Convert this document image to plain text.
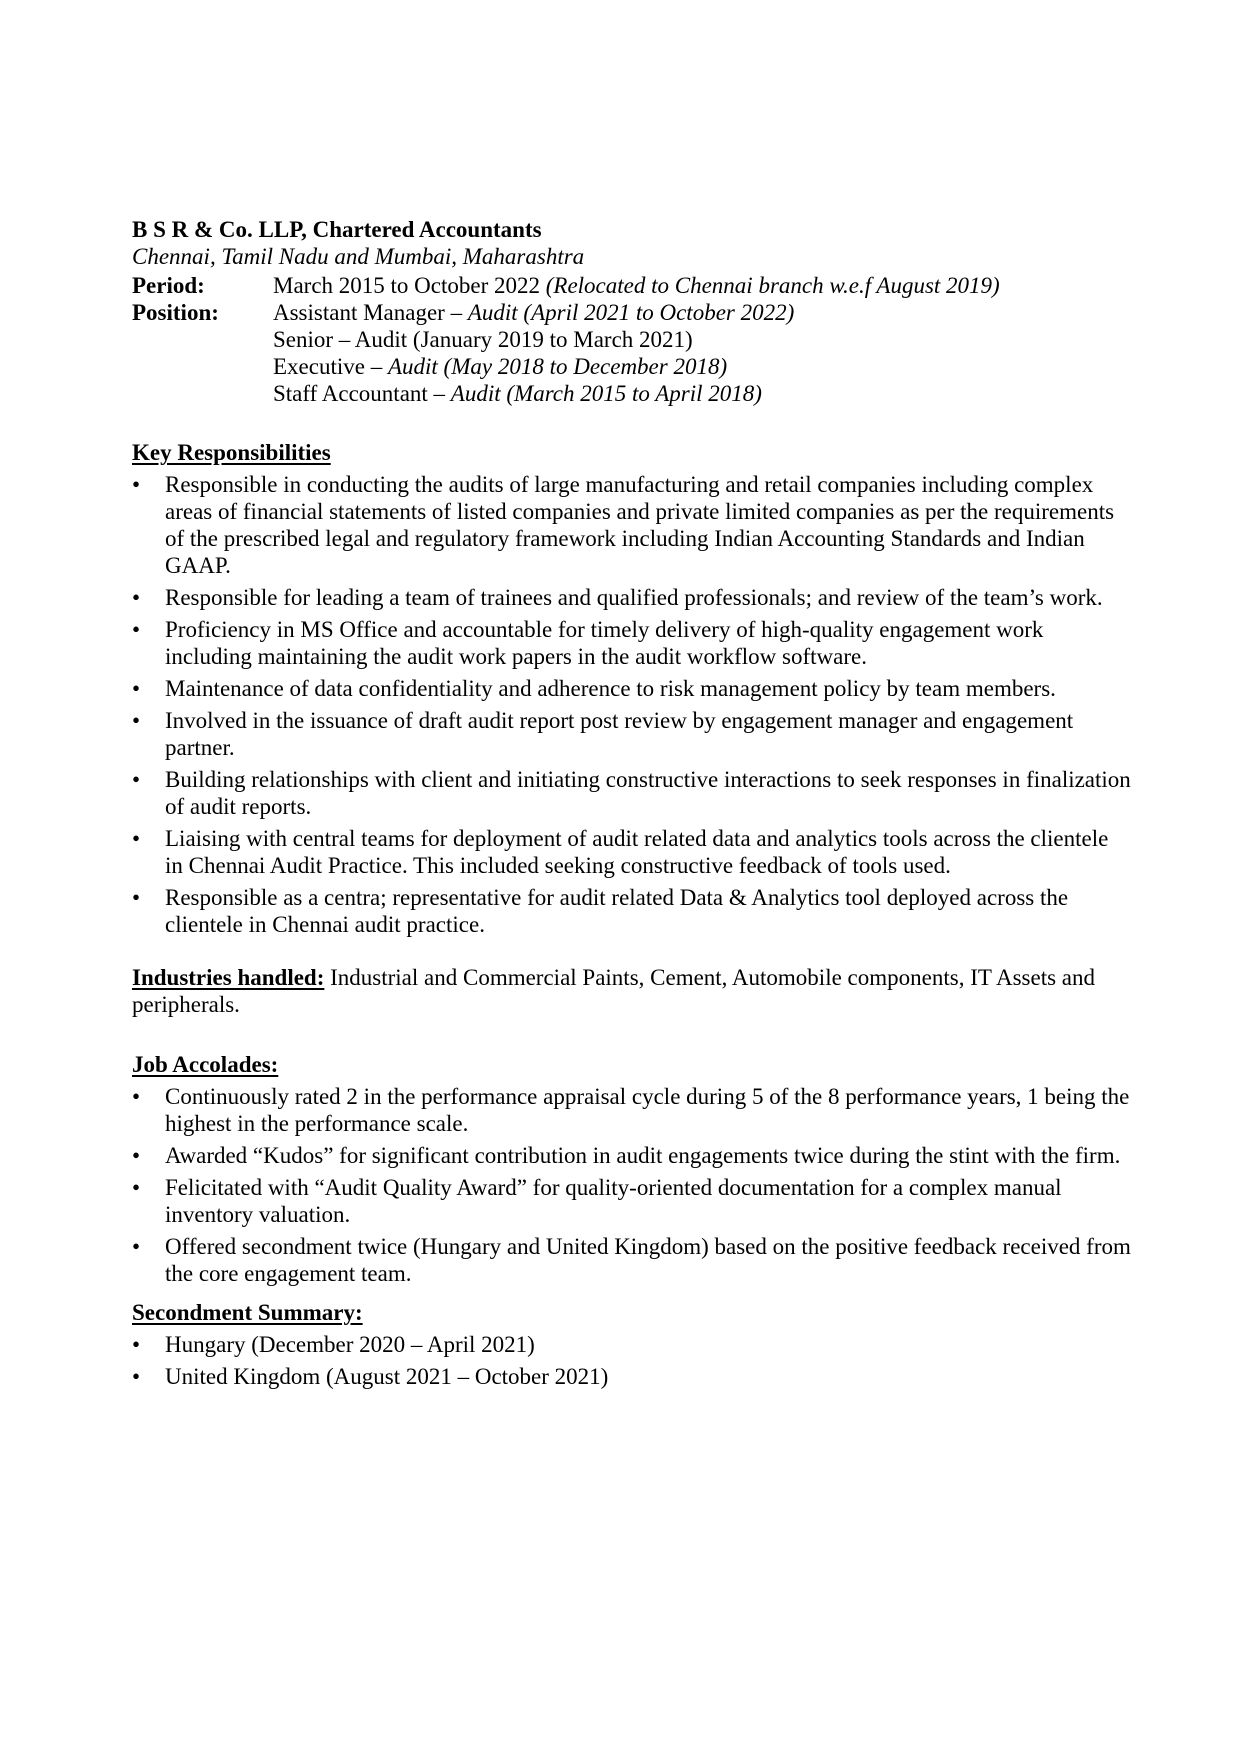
B S R & Co. LLP, Chartered Accountants

Chennai, Tamil Nadu and Mumbai, Maharashtra

Period:	March 2015 to October 2022 (Relocated to Chennai branch w.e.f August 2019)
Position:	Assistant Manager – Audit (April 2021 to October 2022)
Senior – Audit (January 2019 to March 2021)
Executive – Audit (May 2018 to December 2018)
Staff Accountant – Audit (March 2015 to April 2018)

Key Responsibilities

•	Responsible in conducting the audits of large manufacturing and retail companies including complex areas of financial statements of listed companies and private limited companies as per the requirements of the prescribed legal and regulatory framework including Indian Accounting Standards and Indian GAAP.
•	Responsible for leading a team of trainees and qualified professionals; and review of the team’s work.
•	Proficiency in MS Office and accountable for timely delivery of high-quality engagement work including maintaining the audit work papers in the audit workflow software.
•	Maintenance of data confidentiality and adherence to risk management policy by team members.
•	Involved in the issuance of draft audit report post review by engagement manager and engagement partner.
•	Building relationships with client and initiating constructive interactions to seek responses in finalization of audit reports.
•	Liaising with central teams for deployment of audit related data and analytics tools across the clientele in Chennai Audit Practice. This included seeking constructive feedback of tools used.
•	Responsible as a centra; representative for audit related Data & Analytics tool deployed across the clientele in Chennai audit practice.

Industries handled: Industrial and Commercial Paints, Cement, Automobile components, IT Assets and peripherals.

Job Accolades:

•	Continuously rated 2 in the performance appraisal cycle during 5 of the 8 performance years, 1 being the highest in the performance scale.
•	Awarded “Kudos” for significant contribution in audit engagements twice during the stint with the firm.
•	Felicitated with “Audit Quality Award” for quality-oriented documentation for a complex manual inventory valuation.
•	Offered secondment twice (Hungary and United Kingdom) based on the positive feedback received from the core engagement team.

Secondment Summary:

•	Hungary (December 2020 – April 2021)
•	United Kingdom (August 2021 – October 2021)
